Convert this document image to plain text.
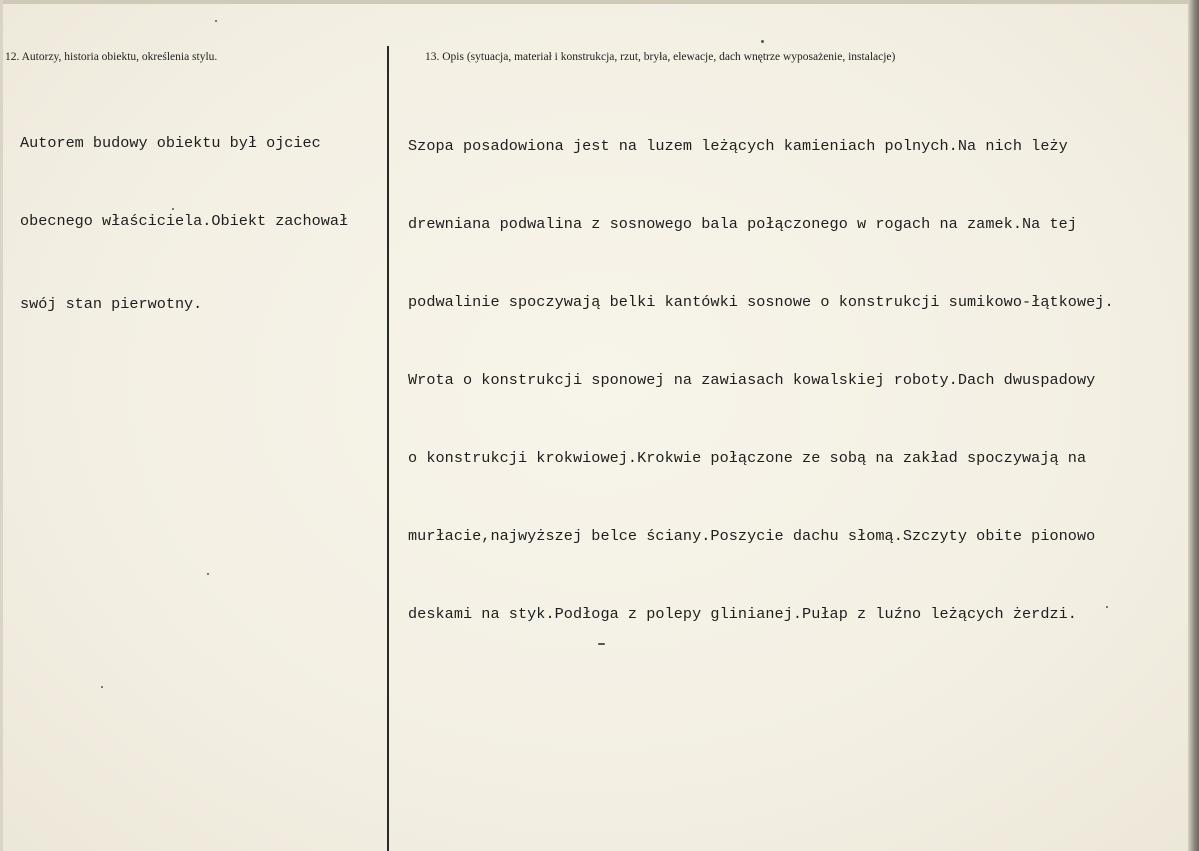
12. Autorzy, historia obiektu, określenia stylu.	13. Opis (sytuacja, materiał i konstrukcja, rzut, bryła, elewacje, dach wnętrze wyposażenie, instalacje)

Autorem budowy obiektu był ojciec

obecnego właściciela.Obiekt zachował

swój stan pierwotny.

Szopa posadowiona jest na luzem leżących kamieniach polnych.Na nich leży

drewniana podwalina z sosnowego bala połączonego w rogach na zamek.Na tej

podwalinie spoczywają belki kantówki sosnowe o konstrukcji sumikowo-łątkowej.

Wrota o konstrukcji sponowej na zawiasach kowalskiej roboty.Dach dwuspadowy

o konstrukcji krokwiowej.Krokwie połączone ze sobą na zakład spoczywają na

murłacie,najwyższej belce ściany.Poszycie dachu słomą.Szczyty obite pionowo

deskami na styk.Podłoga z polepy glinianej.Pułap z luźno leżących żerdzi.
